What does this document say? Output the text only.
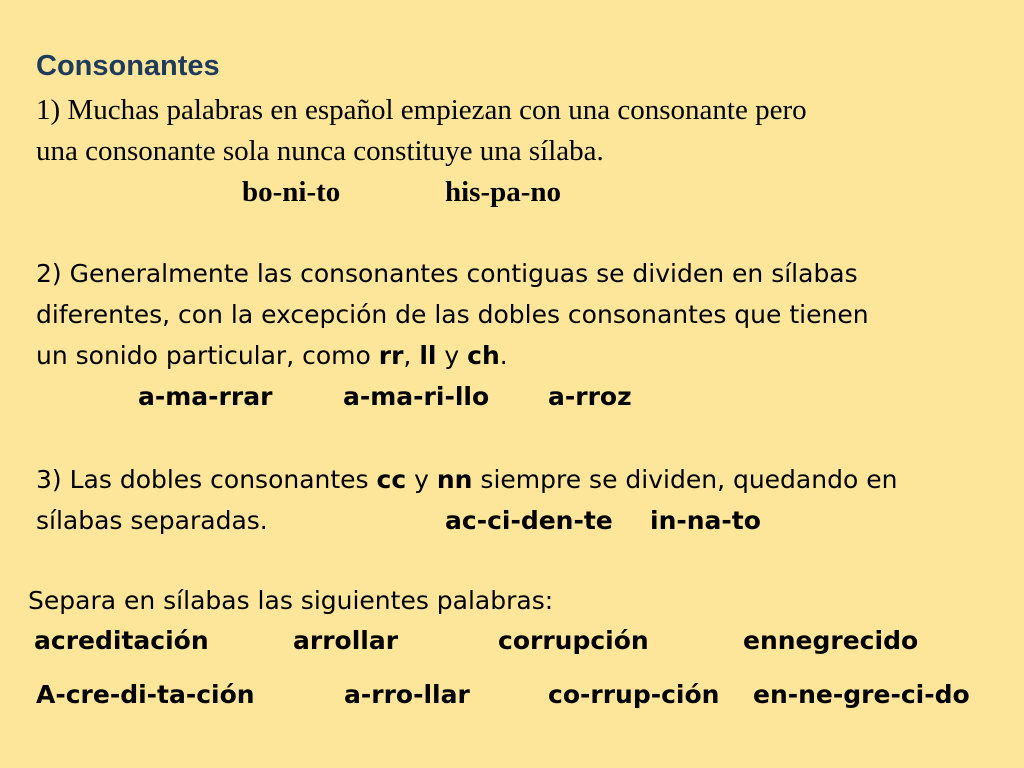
Consonantes
1) Muchas palabras en español empiezan con una consonante pero
una consonante sola nunca constituye una sílaba.
bo-ni-to	his-pa-no
2) Generalmente las consonantes contiguas se dividen en sílabas
diferentes, con la excepción de las dobles consonantes que tienen
un sonido particular, como rr, ll y ch.
a-ma-rrar	a-ma-ri-llo a-rroz
3) Las dobles consonantes cc y nn siempre se dividen, quedando en
sílabas separadas.	ac-ci-den-te in-na-to
Separa en sílabas las siguientes palabras:
acreditación	arrollar	corrupción	ennegrecido
A-cre-di-ta-ción	a-rro-llar	co-rrup-ción en-ne-gre-ci-do
